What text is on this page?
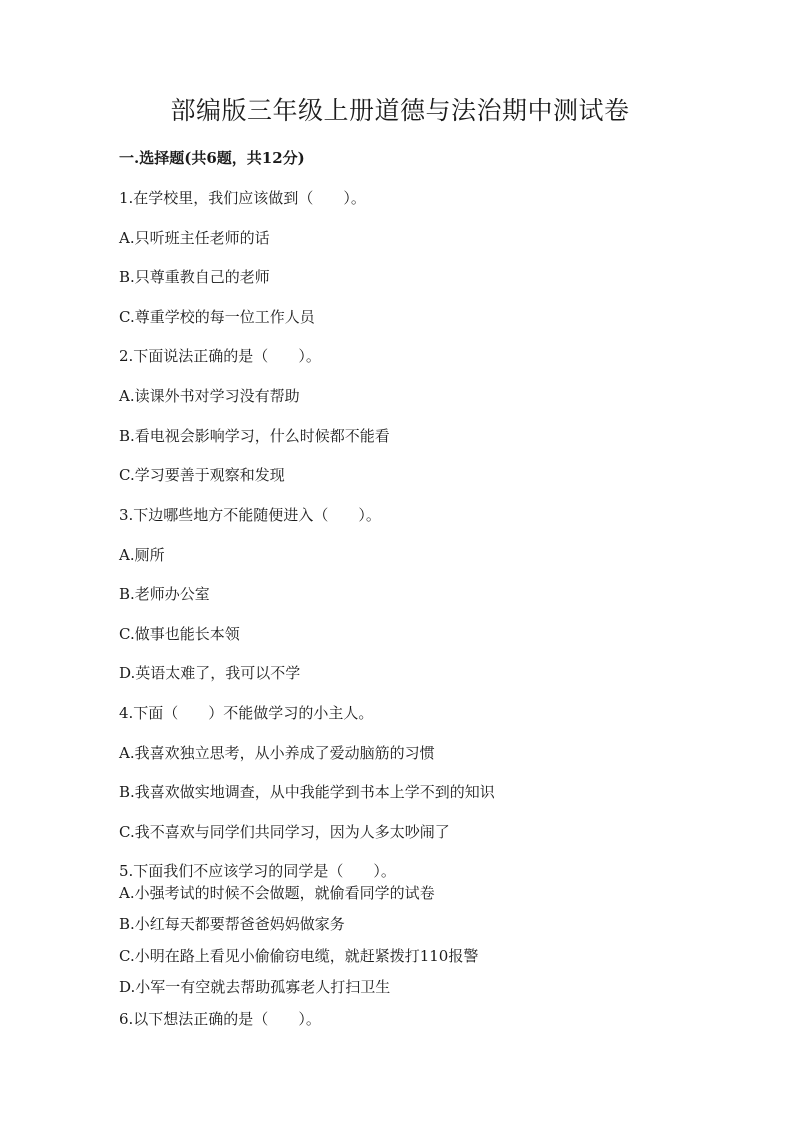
部编版三年级上册道德与法治期中测试卷
一.选择题(共6题，共12分)
1.在学校里，我们应该做到（　　）。
A.只听班主任老师的话
B.只尊重教自己的老师
C.尊重学校的每一位工作人员
2.下面说法正确的是（　　）。
A.读课外书对学习没有帮助
B.看电视会影响学习，什么时候都不能看
C.学习要善于观察和发现
3.下边哪些地方不能随便进入（　　）。
A.厕所
B.老师办公室
C.做事也能长本领
D.英语太难了，我可以不学
4.下面（　　）不能做学习的小主人。
A.我喜欢独立思考，从小养成了爱动脑筋的习惯
B.我喜欢做实地调查，从中我能学到书本上学不到的知识
C.我不喜欢与同学们共同学习，因为人多太吵闹了
5.下面我们不应该学习的同学是（　　）。
A.小强考试的时候不会做题，就偷看同学的试卷
B.小红每天都要帮爸爸妈妈做家务
C.小明在路上看见小偷偷窃电缆，就赶紧拨打110报警
D.小军一有空就去帮助孤寡老人打扫卫生
6.以下想法正确的是（　　）。
